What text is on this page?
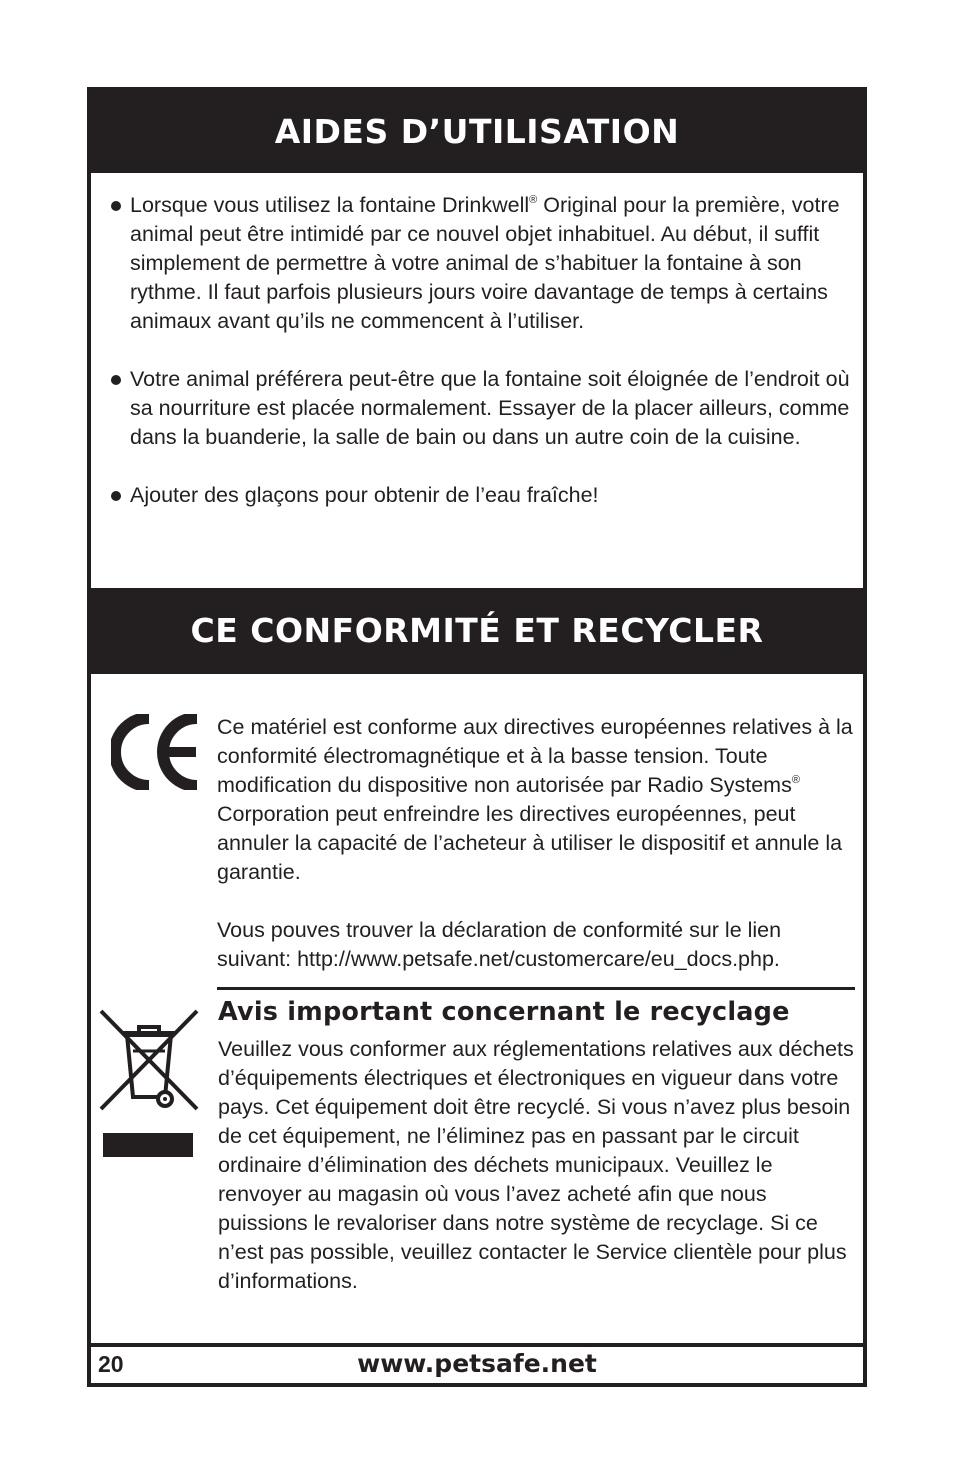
AIDES D’UTILISATION
Lorsque vous utilisez la fontaine Drinkwell® Original pour la première, votre animal peut être intimidé par ce nouvel objet inhabituel. Au début, il suffit simplement de permettre à votre animal de s’habituer la fontaine à son rythme. Il faut parfois plusieurs jours voire davantage de temps à certains animaux avant qu’ils ne commencent à l’utiliser.
Votre animal préférera peut-être que la fontaine soit éloignée de l’endroit où sa nourriture est placée normalement. Essayer de la placer ailleurs, comme dans la buanderie, la salle de bain ou dans un autre coin de la cuisine.
Ajouter des glaçons pour obtenir de l’eau fraîche!
CE CONFORMITÉ ET RECYCLER

Ce matériel est conforme aux directives européennes relatives à la conformité électromagnétique et à la basse tension. Toute modification du dispositive non autorisée par Radio Systems® Corporation peut enfreindre les directives européennes, peut annuler la capacité de l’acheteur à utiliser le dispositif et annule la garantie.

Vous pouves trouver la déclaration de conformité sur le lien suivant: http://www.petsafe.net/customercare/eu_docs.php.

Avis important concernant le recyclage

Veuillez vous conformer aux réglementations relatives aux déchets d’équipements électriques et électroniques en vigueur dans votre pays. Cet équipement doit être recyclé. Si vous n’avez plus besoin de cet équipement, ne l’éliminez pas en passant par le circuit ordinaire d’élimination des déchets municipaux. Veuillez le renvoyer au magasin où vous l’avez acheté afin que nous puissions le revaloriser dans notre système de recyclage. Si ce n’est pas possible, veuillez contacter le Service clientèle pour plus d’informations.

20	www.petsafe.net
